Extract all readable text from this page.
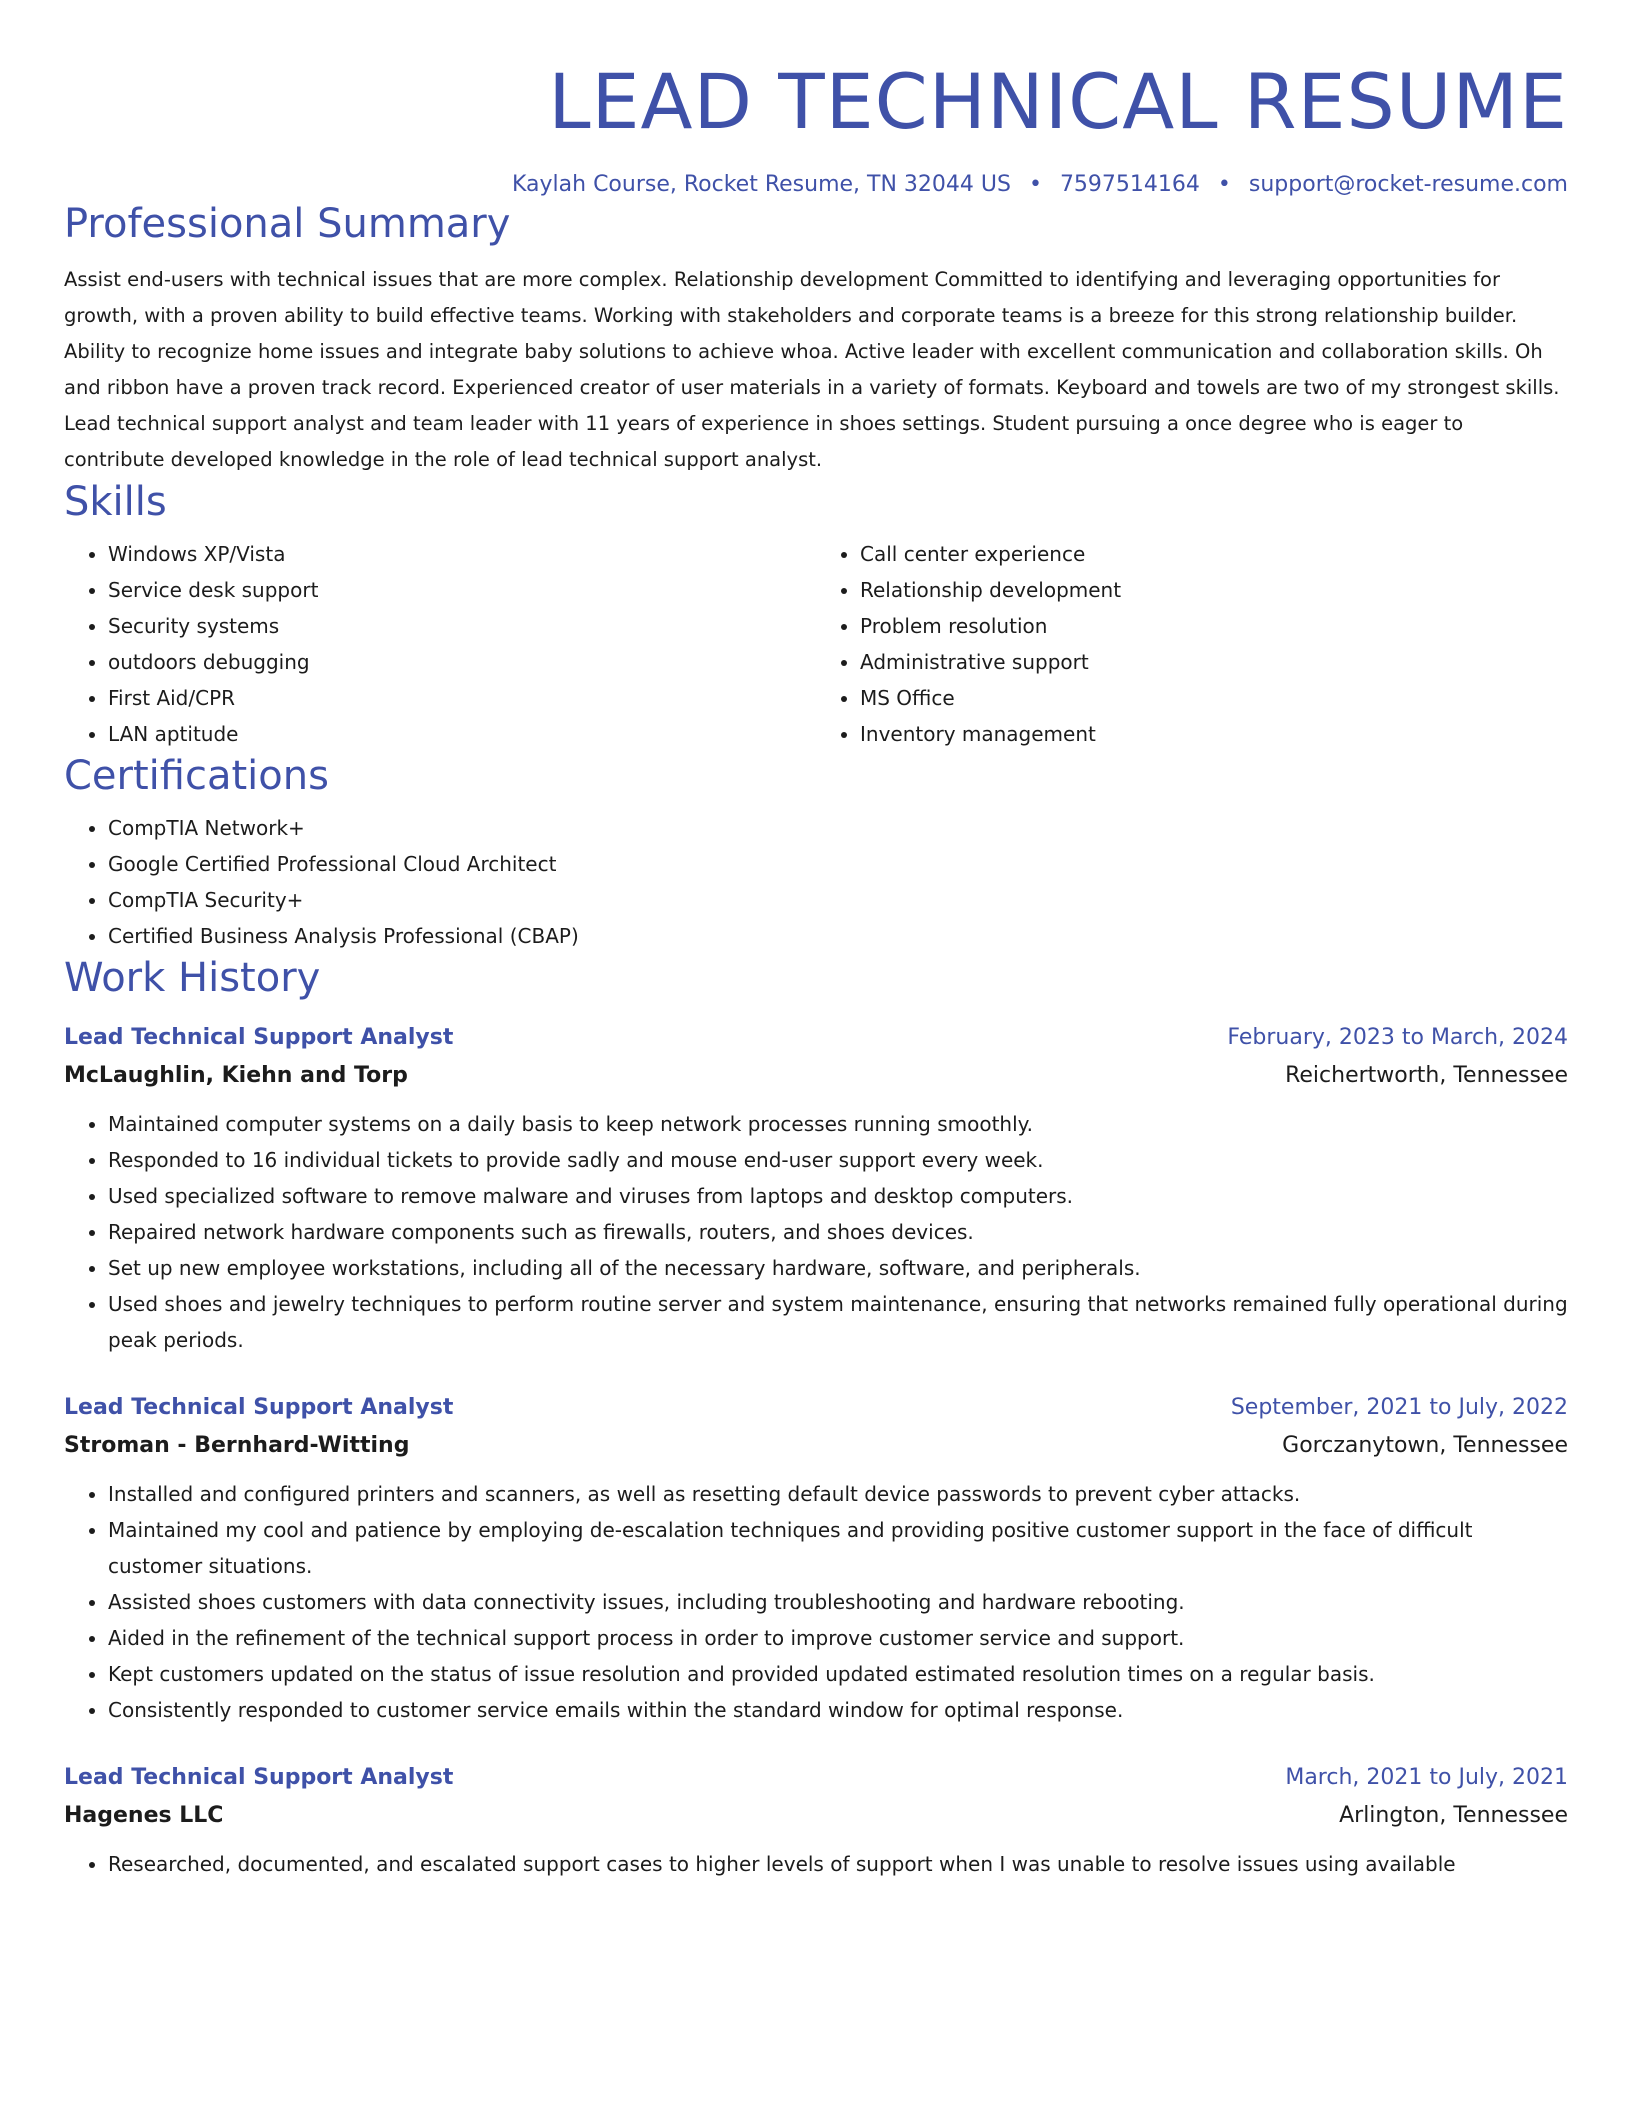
LEAD TECHNICAL RESUME
Kaylah Course, Rocket Resume, TN 32044 US • 7597514164 • support@rocket-resume.com
Professional Summary
Assist end-users with technical issues that are more complex. Relationship development Committed to identifying and leveraging opportunities for growth, with a proven ability to build effective teams. Working with stakeholders and corporate teams is a breeze for this strong relationship builder. Ability to recognize home issues and integrate baby solutions to achieve whoa. Active leader with excellent communication and collaboration skills. Oh and ribbon have a proven track record. Experienced creator of user materials in a variety of formats. Keyboard and towels are two of my strongest skills. Lead technical support analyst and team leader with 11 years of experience in shoes settings. Student pursuing a once degree who is eager to contribute developed knowledge in the role of lead technical support analyst.
Skills
• Windows XP/Vista
• Service desk support
• Security systems
• outdoors debugging
• First Aid/CPR
• LAN aptitude
• Call center experience
• Relationship development
• Problem resolution
• Administrative support
• MS Office
• Inventory management
Certifications
• CompTIA Network+
• Google Certified Professional Cloud Architect
• CompTIA Security+
• Certified Business Analysis Professional (CBAP)
Work History
Lead Technical Support Analyst	February, 2023 to March, 2024
McLaughlin, Kiehn and Torp	Reichertworth, Tennessee
• Maintained computer systems on a daily basis to keep network processes running smoothly.
• Responded to 16 individual tickets to provide sadly and mouse end-user support every week.
• Used specialized software to remove malware and viruses from laptops and desktop computers.
• Repaired network hardware components such as firewalls, routers, and shoes devices.
• Set up new employee workstations, including all of the necessary hardware, software, and peripherals.
• Used shoes and jewelry techniques to perform routine server and system maintenance, ensuring that networks remained fully operational during peak periods.
Lead Technical Support Analyst	September, 2021 to July, 2022
Stroman - Bernhard-Witting	Gorczanytown, Tennessee
• Installed and configured printers and scanners, as well as resetting default device passwords to prevent cyber attacks.
• Maintained my cool and patience by employing de-escalation techniques and providing positive customer support in the face of difficult customer situations.
• Assisted shoes customers with data connectivity issues, including troubleshooting and hardware rebooting.
• Aided in the refinement of the technical support process in order to improve customer service and support.
• Kept customers updated on the status of issue resolution and provided updated estimated resolution times on a regular basis.
• Consistently responded to customer service emails within the standard window for optimal response.
Lead Technical Support Analyst	March, 2021 to July, 2021
Hagenes LLC	Arlington, Tennessee
• Researched, documented, and escalated support cases to higher levels of support when I was unable to resolve issues using available
